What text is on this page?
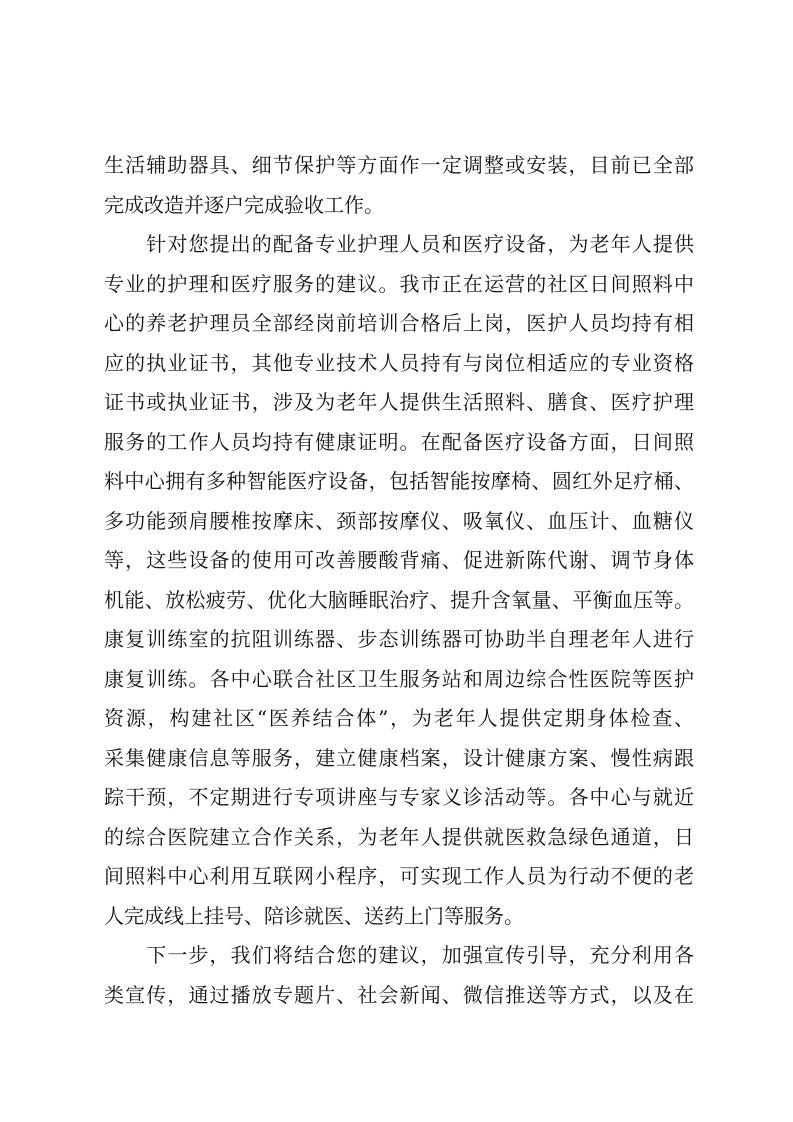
生活辅助器具、细节保护等方面作一定调整或安装，目前已全部
完成改造并逐户完成验收工作。
　　针对您提出的配备专业护理人员和医疗设备，为老年人提供
专业的护理和医疗服务的建议。我市正在运营的社区日间照料中
心的养老护理员全部经岗前培训合格后上岗，医护人员均持有相
应的执业证书，其他专业技术人员持有与岗位相适应的专业资格
证书或执业证书，涉及为老年人提供生活照料、膳食、医疗护理
服务的工作人员均持有健康证明。在配备医疗设备方面，日间照
料中心拥有多种智能医疗设备，包括智能按摩椅、圆红外足疗桶、
多功能颈肩腰椎按摩床、颈部按摩仪、吸氧仪、血压计、血糖仪
等，这些设备的使用可改善腰酸背痛、促进新陈代谢、调节身体
机能、放松疲劳、优化大脑睡眠治疗、提升含氧量、平衡血压等。
康复训练室的抗阻训练器、步态训练器可协助半自理老年人进行
康复训练。各中心联合社区卫生服务站和周边综合性医院等医护
资源，构建社区“医养结合体”，为老年人提供定期身体检查、
采集健康信息等服务，建立健康档案，设计健康方案、慢性病跟
踪干预，不定期进行专项讲座与专家义诊活动等。各中心与就近
的综合医院建立合作关系，为老年人提供就医救急绿色通道，日
间照料中心利用互联网小程序，可实现工作人员为行动不便的老
人完成线上挂号、陪诊就医、送药上门等服务。
　　下一步，我们将结合您的建议，加强宣传引导，充分利用各
类宣传，通过播放专题片、社会新闻、微信推送等方式，以及在
